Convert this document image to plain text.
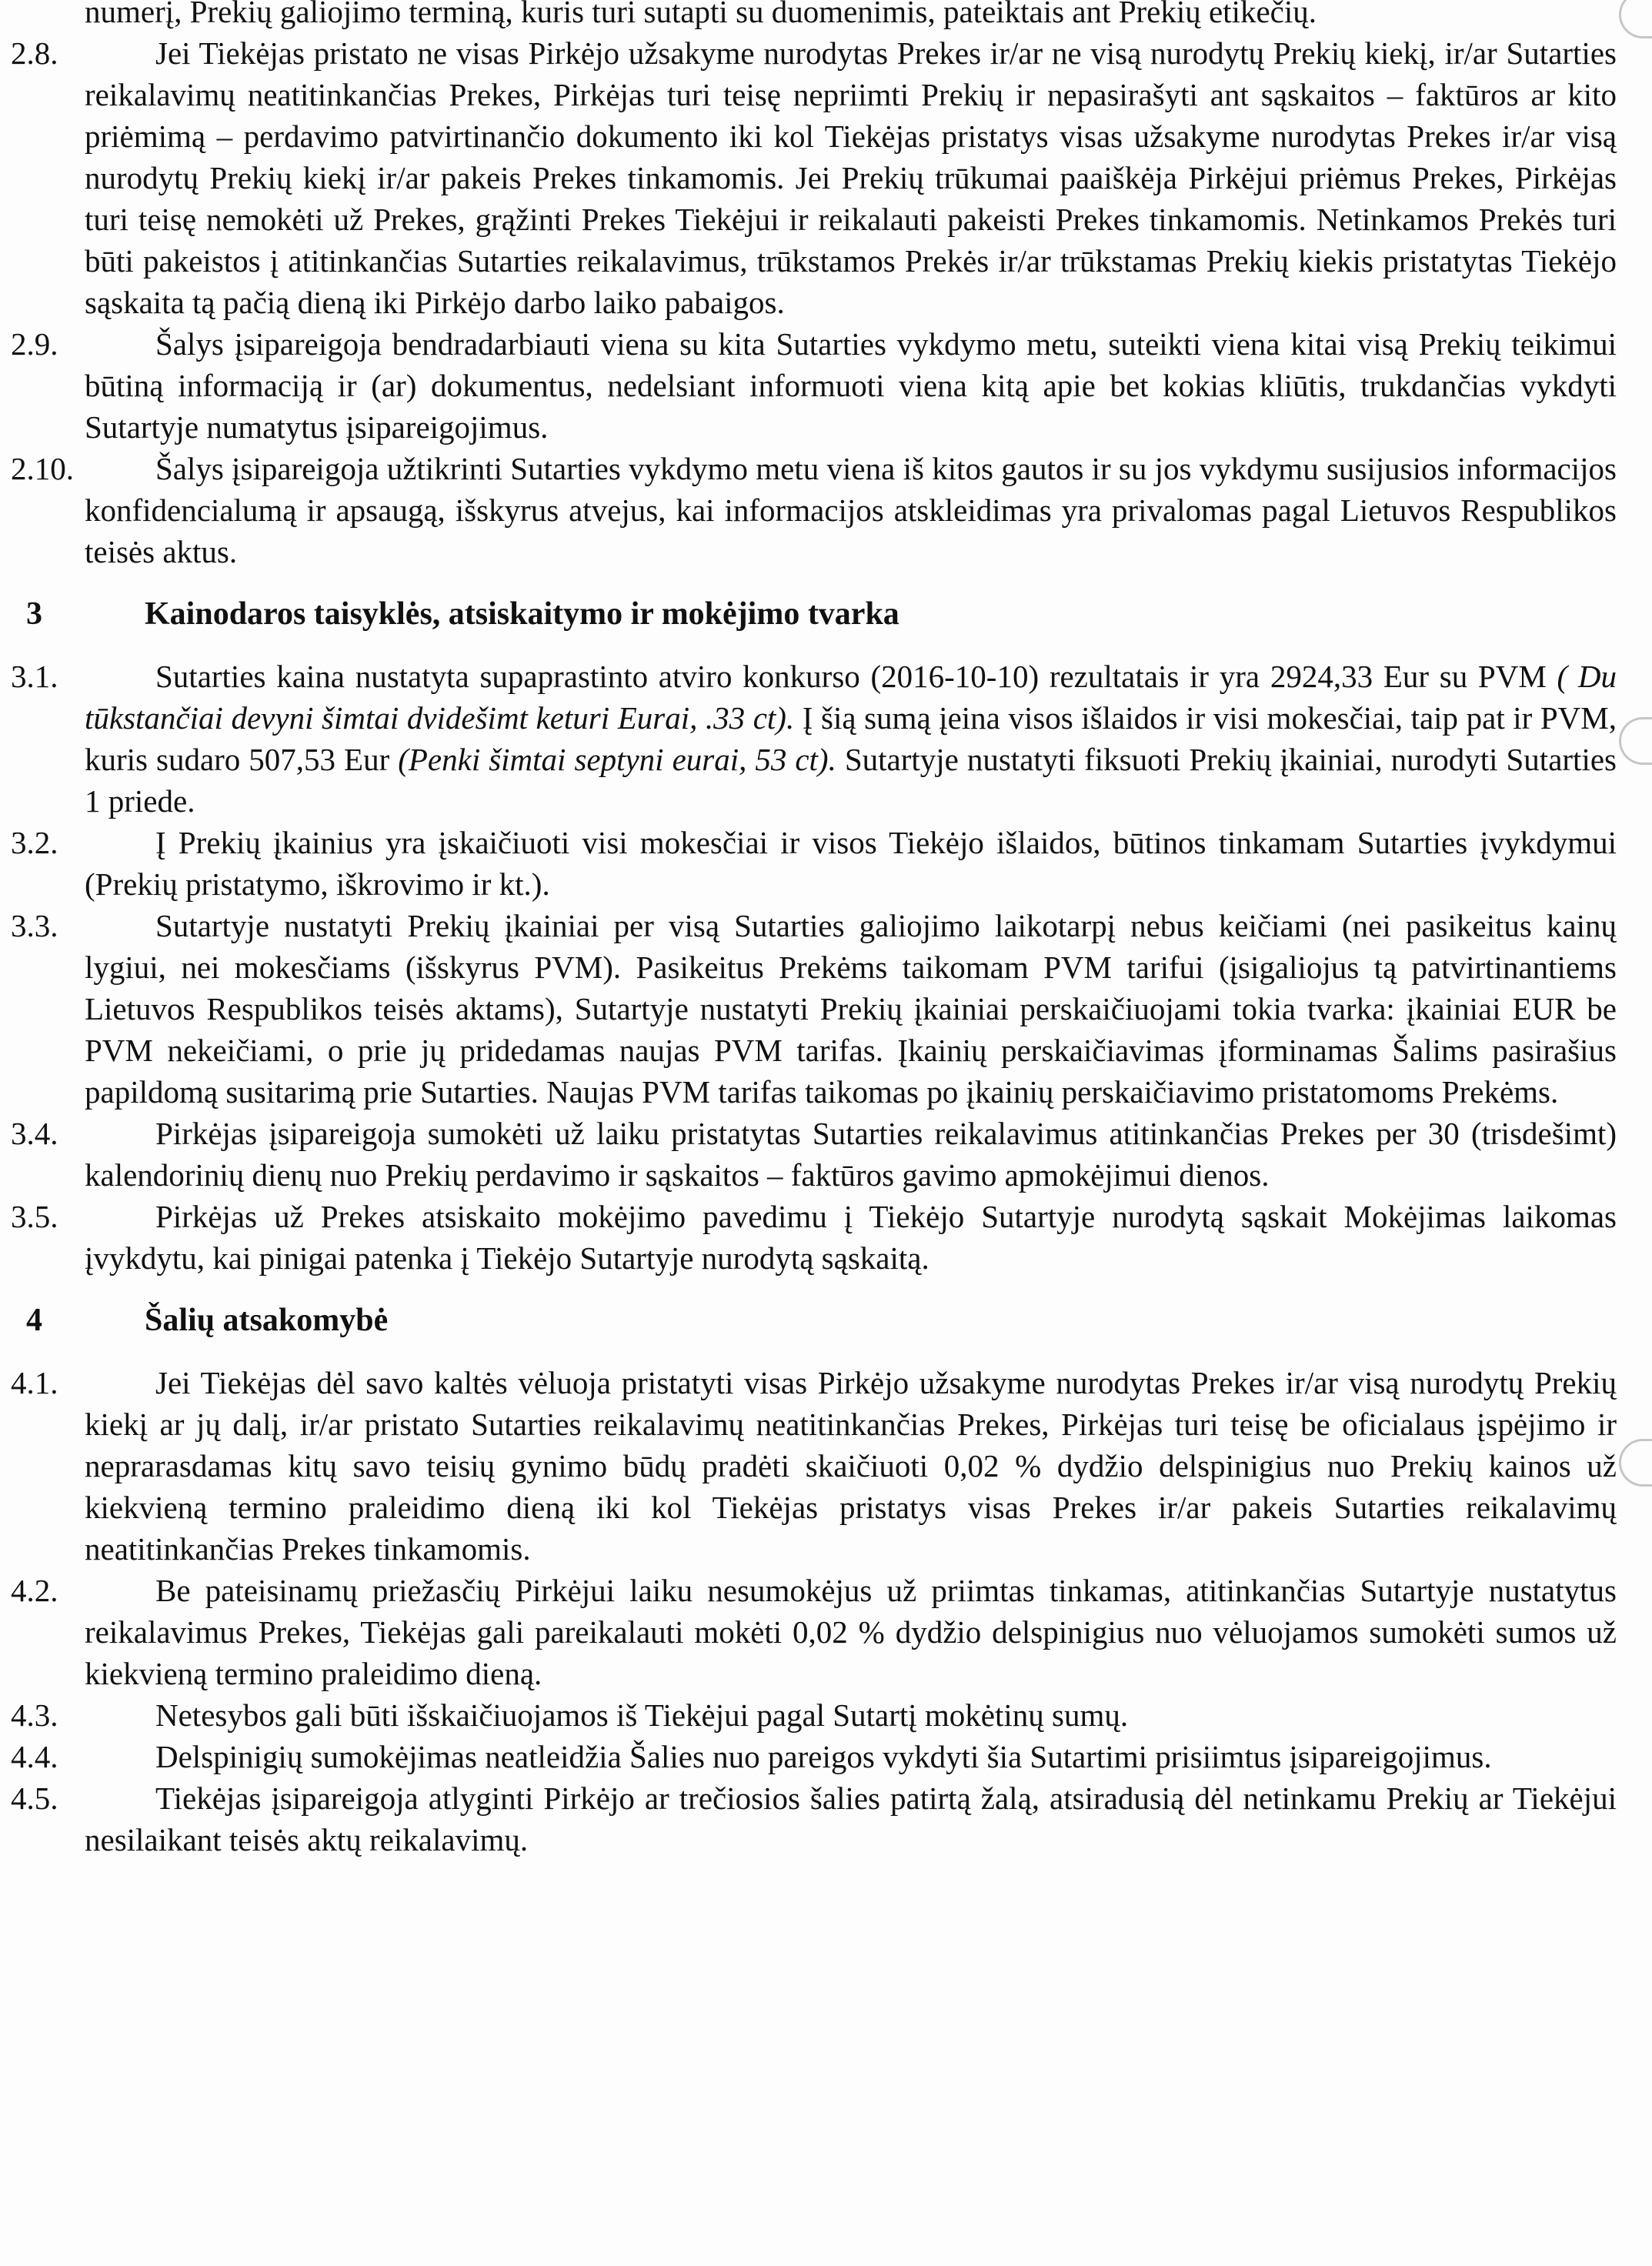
numerį, Prekių galiojimo terminą, kuris turi sutapti su duomenimis, pateiktais ant Prekių etikečių.
2.8.	Jei Tiekėjas pristato ne visas Pirkėjo užsakyme nurodytas Prekes ir/ar ne visą nurodytų Prekių kiekį, ir/ar Sutarties reikalavimų neatitinkančias Prekes, Pirkėjas turi teisę nepriimti Prekių ir nepasirašyti ant sąskaitos – faktūros ar kito priėmimą – perdavimo patvirtinančio dokumento iki kol Tiekėjas pristatys visas užsakyme nurodytas Prekes ir/ar visą nurodytų Prekių kiekį ir/ar pakeis Prekes tinkamomis. Jei Prekių trūkumai paaiškėja Pirkėjui priėmus Prekes, Pirkėjas turi teisę nemokėti už Prekes, grąžinti Prekes Tiekėjui ir reikalauti pakeisti Prekes tinkamomis. Netinkamos Prekės turi būti pakeistos į atitinkančias Sutarties reikalavimus, trūkstamos Prekės ir/ar trūkstamas Prekių kiekis pristatytas Tiekėjo sąskaita tą pačią dieną iki Pirkėjo darbo laiko pabaigos.
2.9.	Šalys įsipareigoja bendradarbiauti viena su kita Sutarties vykdymo metu, suteikti viena kitai visą Prekių teikimui būtiną informaciją ir (ar) dokumentus, nedelsiant informuoti viena kitą apie bet kokias kliūtis, trukdančias vykdyti Sutartyje numatytus įsipareigojimus.
2.10.	Šalys įsipareigoja užtikrinti Sutarties vykdymo metu viena iš kitos gautos ir su jos vykdymu susijusios informacijos konfidencialumą ir apsaugą, išskyrus atvejus, kai informacijos atskleidimas yra privalomas pagal Lietuvos Respublikos teisės aktus.
3	Kainodaros taisyklės, atsiskaitymo ir mokėjimo tvarka
3.1.	Sutarties kaina nustatyta supaprastinto atviro konkurso (2016-10-10) rezultatais ir yra 2924,33 Eur su PVM ( Du tūkstančiai devyni šimtai dvidešimt keturi Eurai, .33 ct). Į šią sumą įeina visos išlaidos ir visi mokesčiai, taip pat ir PVM, kuris sudaro 507,53 Eur (Penki šimtai septyni eurai, 53 ct). Sutartyje nustatyti fiksuoti Prekių įkainiai, nurodyti Sutarties 1 priede.
3.2.	Į Prekių įkainius yra įskaičiuoti visi mokesčiai ir visos Tiekėjo išlaidos, būtinos tinkamam Sutarties įvykdymui (Prekių pristatymo, iškrovimo ir kt.).
3.3.	Sutartyje nustatyti Prekių įkainiai per visą Sutarties galiojimo laikotarpį nebus keičiami (nei pasikeitus kainų lygiui, nei mokesčiams (išskyrus PVM). Pasikeitus Prekėms taikomam PVM tarifui (įsigaliojus tą patvirtinantiems Lietuvos Respublikos teisės aktams), Sutartyje nustatyti Prekių įkainiai perskaičiuojami tokia tvarka: įkainiai EUR be PVM nekeičiami, o prie jų pridedamas naujas PVM tarifas. Įkainių perskaičiavimas įforminamas Šalims pasirašius papildomą susitarimą prie Sutarties. Naujas PVM tarifas taikomas po įkainių perskaičiavimo pristatomoms Prekėms.
3.4.	Pirkėjas įsipareigoja sumokėti už laiku pristatytas Sutarties reikalavimus atitinkančias Prekes per 30 (trisdešimt) kalendorinių dienų nuo Prekių perdavimo ir sąskaitos – faktūros gavimo apmokėjimui dienos.
3.5.	Pirkėjas už Prekes atsiskaito mokėjimo pavedimu į Tiekėjo Sutartyje nurodytą sąskait Mokėjimas laikomas įvykdytu, kai pinigai patenka į Tiekėjo Sutartyje nurodytą sąskaitą.
4	Šalių atsakomybė
4.1.	Jei Tiekėjas dėl savo kaltės vėluoja pristatyti visas Pirkėjo užsakyme nurodytas Prekes ir/ar visą nurodytų Prekių kiekį ar jų dalį, ir/ar pristato Sutarties reikalavimų neatitinkančias Prekes, Pirkėjas turi teisę be oficialaus įspėjimo ir neprarasdamas kitų savo teisių gynimo būdų pradėti skaičiuoti 0,02 % dydžio delspinigius nuo Prekių kainos už kiekvieną termino praleidimo dieną iki kol Tiekėjas pristatys visas Prekes ir/ar pakeis Sutarties reikalavimų neatitinkančias Prekes tinkamomis.
4.2.	Be pateisinamų priežasčių Pirkėjui laiku nesumokėjus už priimtas tinkamas, atitinkančias Sutartyje nustatytus reikalavimus Prekes, Tiekėjas gali pareikalauti mokėti 0,02 % dydžio delspinigius nuo vėluojamos sumokėti sumos už kiekvieną termino praleidimo dieną.
4.3.	Netesybos gali būti išskaičiuojamos iš Tiekėjui pagal Sutartį mokėtinų sumų.
4.4.	Delspinigių sumokėjimas neatleidžia Šalies nuo pareigos vykdyti šia Sutartimi prisiimtus įsipareigojimus.
4.5.	Tiekėjas įsipareigoja atlyginti Pirkėjo ar trečiosios šalies patirtą žalą, atsiradusią dėl netinkamu Prekių ar Tiekėjui nesilaikant teisės aktų reikalavimų.
